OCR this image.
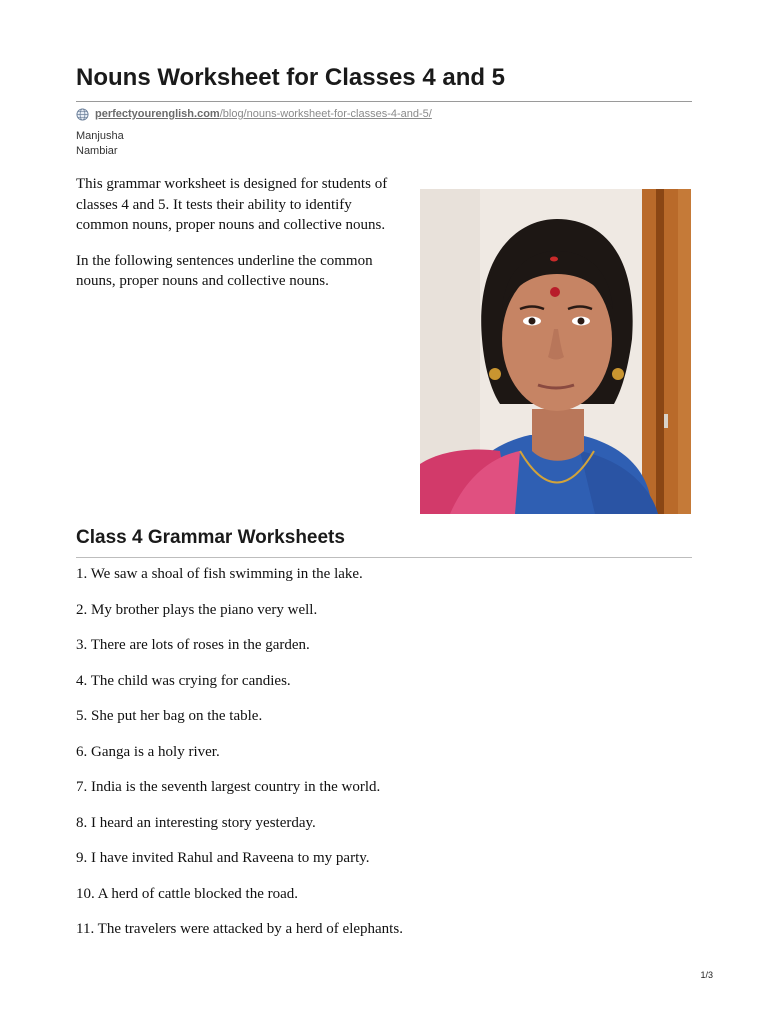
Nouns Worksheet for Classes 4 and 5
perfectyourenglish.com /blog/nouns-worksheet-for-classes-4-and-5/
Manjusha
Nambiar

This grammar worksheet is designed for students of classes 4 and 5. It tests their ability to identify common nouns, proper nouns and collective nouns.

In the following sentences underline the common nouns, proper nouns and collective nouns.

Class 4 Grammar Worksheets
1. We saw a shoal of fish swimming in the lake.
2. My brother plays the piano very well.
3. There are lots of roses in the garden.
4. The child was crying for candies.
5. She put her bag on the table.
6. Ganga is a holy river.
7. India is the seventh largest country in the world.
8. I heard an interesting story yesterday.
9. I have invited Rahul and Raveena to my party.
10. A herd of cattle blocked the road.
11. The travelers were attacked by a herd of elephants.
1/3
